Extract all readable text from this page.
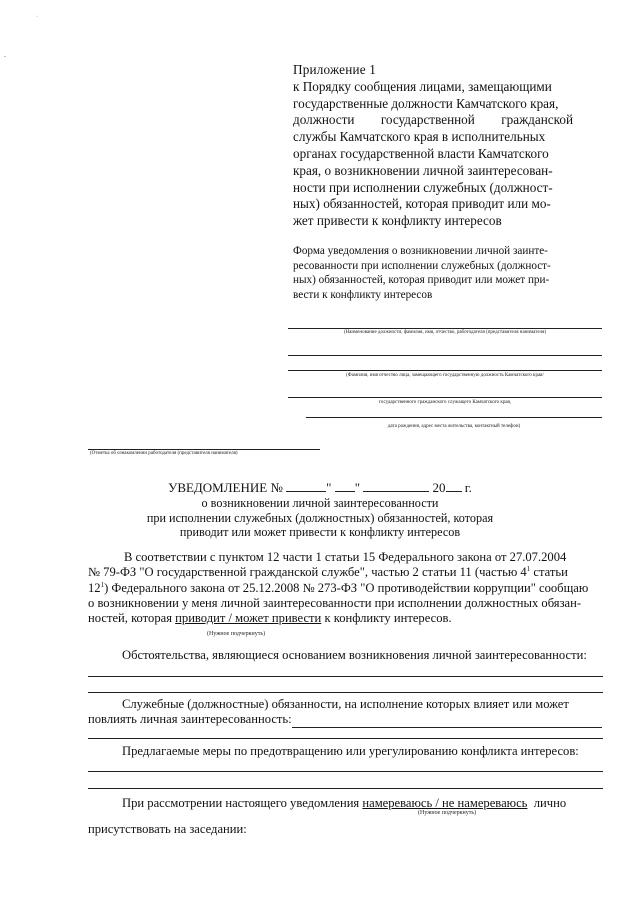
·
-
Приложение 1
к Порядку сообщения лицами, замещающими
государственные должности Камчатского края,
должности        государственной        гражданской
службы Камчатского края в исполнительных
органах государственной власти Камчатского
края, о возникновении личной заинтересован-
ности при исполнении служебных (должност-
ных) обязанностей, которая приводит или мо-
жет привести к конфликту интересов
Форма уведомления о возникновении личной заинте-
ресованности при исполнении служебных (должност-
ных) обязанностей, которая приводит или может при-
вести к конфликту интересов
(Наименование должности, фамилия, имя, отчество, работодателя (представителя нанимателя)
(Фамилия, имя отчество лица, замещающего государственную должность Камчатского края/
государственного гражданского служащего Камчатского края,
дата рождения, адрес места жительства, контактный телефон)
(Отметка об ознакомлении работодателя (представителя нанимателя)
УВЕДОМЛЕНИЕ №	" "	20 г.
о возникновении личной заинтересованности
при исполнении служебных (должностных) обязанностей, которая
приводит или может привести к конфликту интересов
В соответствии с пунктом 12 части 1 статьи 15 Федерального закона от 27.07.2004
№ 79-ФЗ "О государственной гражданской службе", частью 2 статьи 11 (частью $4^1$ статьи
$12^1$) Федерального закона от 25.12.2008 № 273-ФЗ "О противодействии коррупции" сообщаю
о возникновении у меня личной заинтересованности при исполнении должностных обязан-
ностей, которая приводит / может привести к конфликту интересов.
(Нужное подчеркнуть)
Обстоятельства, являющиеся основанием возникновения личной заинтересованности:
Служебные (должностные) обязанности, на исполнение которых влияет или может
повлиять личная заинтересованность:
Предлагаемые меры по предотвращению или урегулированию конфликта интересов:
При рассмотрении настоящего уведомления намереваюсь / не намереваюсь  лично
(Нужное подчеркнуть)
присутствовать на заседании:
